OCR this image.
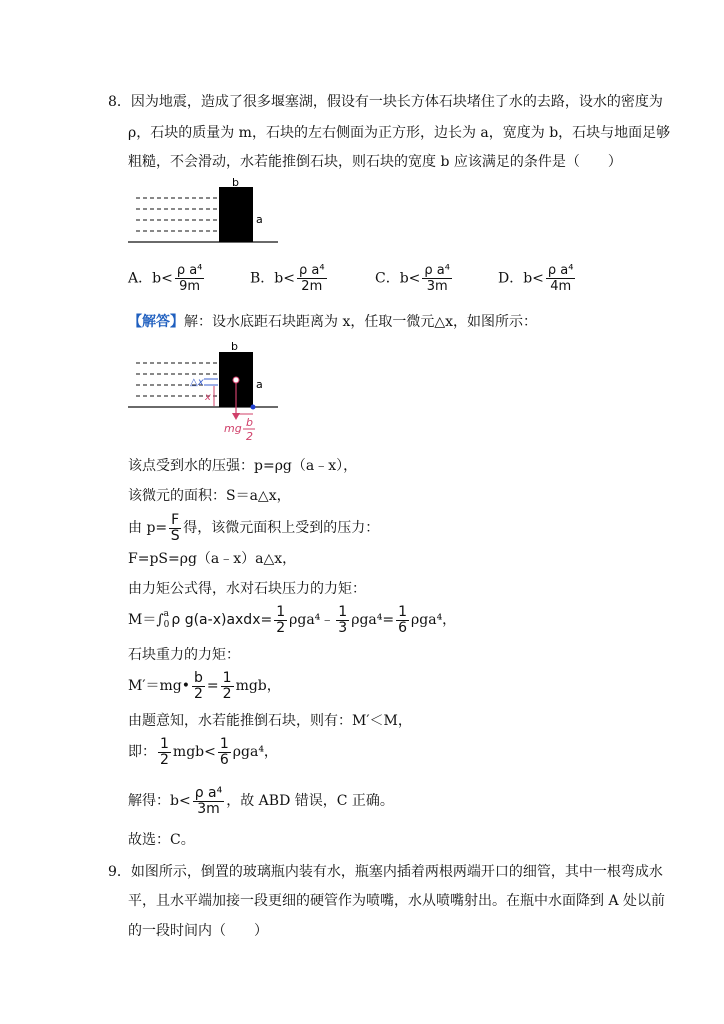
8．因为地震，造成了很多堰塞湖，假设有一块长方体石块堵住了水的去路，设水的密度为
ρ，石块的质量为 m，石块的左右侧面为正方形，边长为 a，宽度为 b，石块与地面足够
粗糙，不会滑动，水若能推倒石块，则石块的宽度 b 应该满足的条件是（　　）
b
a
A．$b< \frac{\text{ρ a⁴}}{9m}$	B．$b< \frac{\text{ρ a⁴}}{2m}$	C．$b< \frac{\text{ρ a⁴}}{3m}$	D．$b< \frac{\text{ρ a⁴}}{4m}$
【解答】解：设水底距石块距离为 x，任取一微元△x，如图所示：
b
a
△x
x
mg b
2
该点受到水的压强：p=ρg（a﹣x），
该微元的面积：S＝a△x，
由 $p= \frac{F}{S}$ 得，该微元面积上受到的压力：
F=pS=ρg（a﹣x）a△x，
由力矩公式得，水对石块压力的力矩：
M＝∫ a
0 ρ g(a-x)axdx= $\frac{1}{2}$ ρga⁴﹣ $\frac{1}{3} \rho ga^4= \frac{1}{6} \rho ga^4$，
石块重力的力矩：
M′＝mg• $\frac{b}{2} = \frac{1}{2}$ mgb，
由题意知，水若能推倒石块，则有：M′＜M，
即： $\frac{1}{2} mgb< \frac{1}{6} \rho ga^4$，
解得：$b< \frac{\text{ρ a⁴}}{3m}$ ，故 ABD 错误，C 正确。
故选：C。
9．如图所示，倒置的玻璃瓶内装有水，瓶塞内插着两根两端开口的细管，其中一根弯成水
平，且水平端加接一段更细的硬管作为喷嘴，水从喷嘴射出。在瓶中水面降到 A 处以前
的一段时间内（　　）
